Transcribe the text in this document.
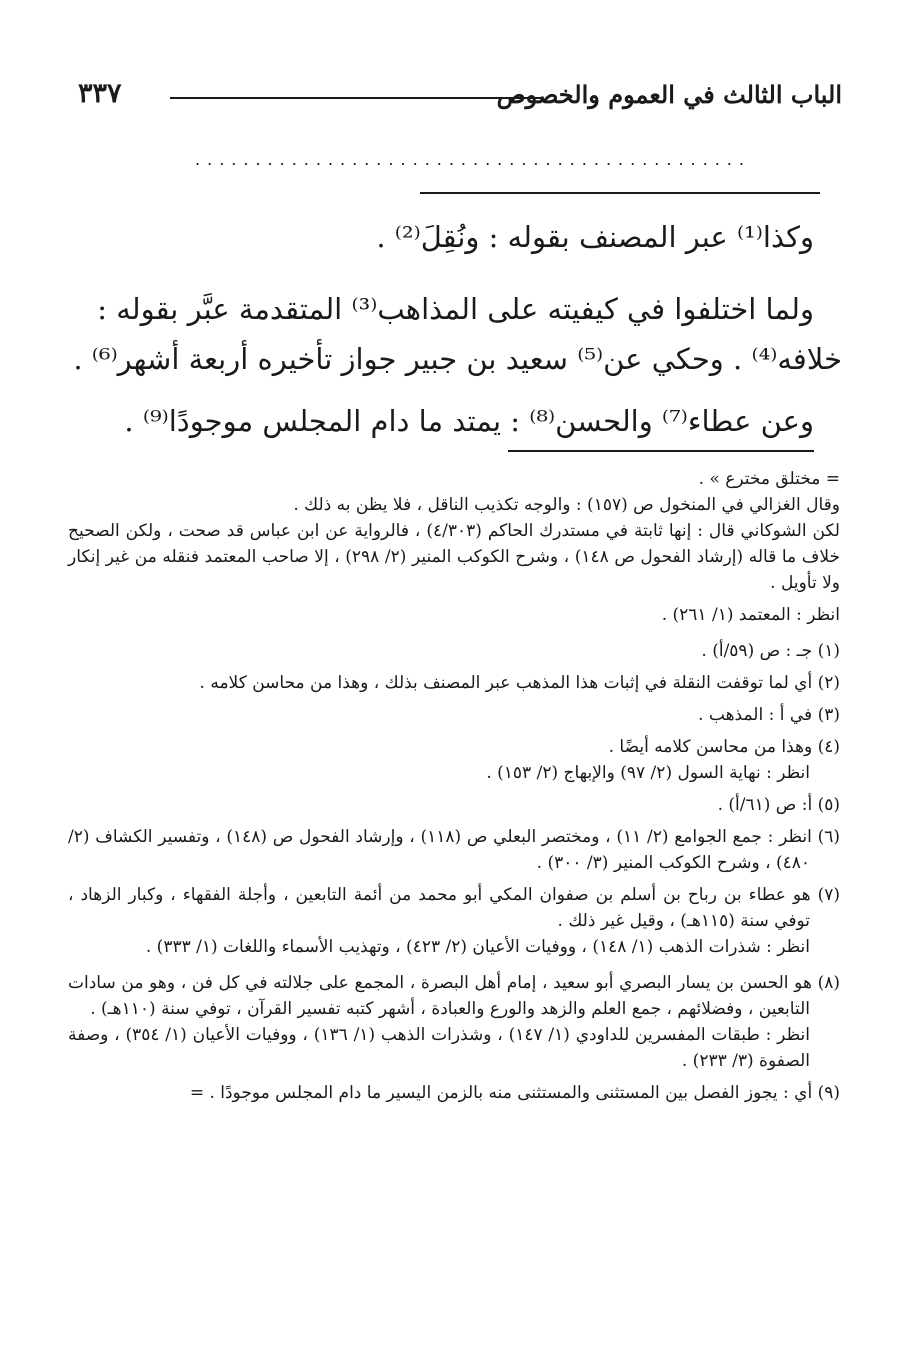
الباب الثالث في العموم والخصوص
٣٣٧
..............................................

وكذا⁽¹⁾ عبر المصنف بقوله : ونُقِلَ⁽²⁾ .

ولما اختلفوا في كيفيته على المذاهب⁽³⁾ المتقدمة عبَّر بقوله :

خلافه⁽⁴⁾ . وحكي عن⁽⁵⁾ سعيد بن جبير جواز تأخيره أربعة أشهر⁽⁶⁾ .

وعن عطاء⁽⁷⁾ والحسن⁽⁸⁾ : يمتد ما دام المجلس موجودًا⁽⁹⁾ .

= مختلق مخترع » .

وقال الغزالي في المنخول ص (١٥٧) : والوجه تكذيب الناقل ، فلا يظن به ذلك .

لكن الشوكاني قال : إنها ثابتة في مستدرك الحاكم (٤/٣٠٣) ، فالرواية عن ابن عباس قد صحت ، ولكن الصحيح خلاف ما قاله (إرشاد الفحول ص ١٤٨) ، وشرح الكوكب المنير (٢/ ٢٩٨) ، إلا صاحب المعتمد فنقله من غير إنكار ولا تأويل .

انظر : المعتمد (١/ ٢٦١) .

(١) جـ : ص (٥٩/أ) .

(٢) أي لما توقفت النقلة في إثبات هذا المذهب عبر المصنف بذلك ، وهذا من محاسن كلامه .

(٣) في أ : المذهب .

(٤) وهذا من محاسن كلامه أيضًا .

انظر : نهاية السول (٢/ ٩٧) والإبهاج (٢/ ١٥٣) .

(٥) أ: ص (٦١/أ) .

(٦) انظر : جمع الجوامع (٢/ ١١) ، ومختصر البعلي ص (١١٨) ، وإرشاد الفحول ص (١٤٨) ، وتفسير الكشاف (٢/ ٤٨٠) ، وشرح الكوكب المنير (٣/ ٣٠٠) .

(٧) هو عطاء بن رباح بن أسلم بن صفوان المكي أبو محمد من أئمة التابعين ، وأجلة الفقهاء ، وكبار الزهاد ، توفي سنة (١١٥هـ) ، وقيل غير ذلك .

انظر : شذرات الذهب (١/ ١٤٨) ، ووفيات الأعيان (٢/ ٤٢٣) ، وتهذيب الأسماء واللغات (١/ ٣٣٣) .

(٨) هو الحسن بن يسار البصري أبو سعيد ، إمام أهل البصرة ، المجمع على جلالته في كل فن ، وهو من سادات التابعين ، وفضلائهم ، جمع العلم والزهد والورع والعبادة ، أشهر كتبه تفسير القرآن ، توفي سنة (١١٠هـ) .

انظر : طبقات المفسرين للداودي (١/ ١٤٧) ، وشذرات الذهب (١/ ١٣٦) ، ووفيات الأعيان (١/ ٣٥٤) ، وصفة الصفوة (٣/ ٢٣٣) .

(٩) أي : يجوز الفصل بين المستثنى والمستثنى منه بالزمن اليسير ما دام المجلس موجودًا . =
